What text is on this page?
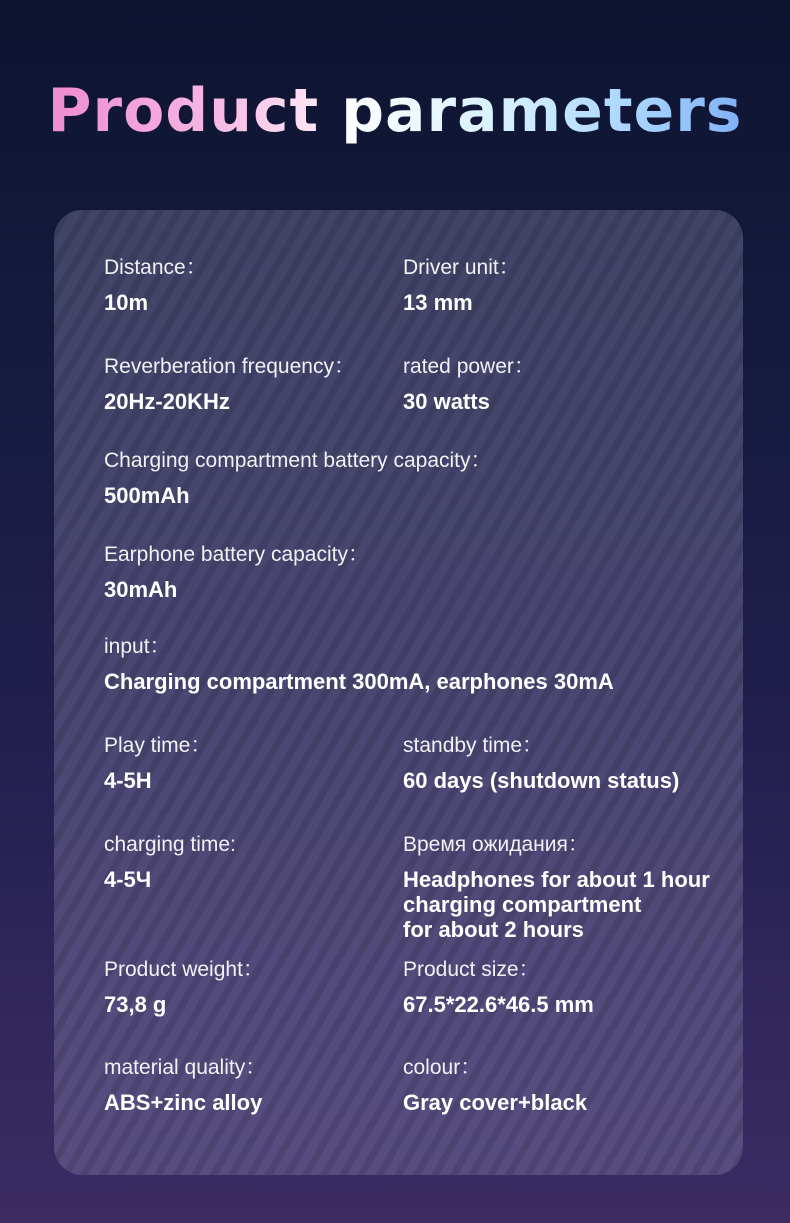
Product parameters
Distance：
10m
Driver unit：
13 mm
Reverberation frequency：
20Hz-20KHz
rated power：
30 watts
Charging compartment battery capacity：
500mAh
Earphone battery capacity：
30mAh
input：
Charging compartment 300mA, earphones 30mA
Play time：
4-5H
standby time：
60 days (shutdown status)
charging time:
4-5Ч
Время ожидания：
Headphones for about 1 hour
charging compartment
for about 2 hours
Product weight：
73,8 g
Product size：
67.5*22.6*46.5 mm
material quality：
ABS+zinc alloy
colour：
Gray cover+black
